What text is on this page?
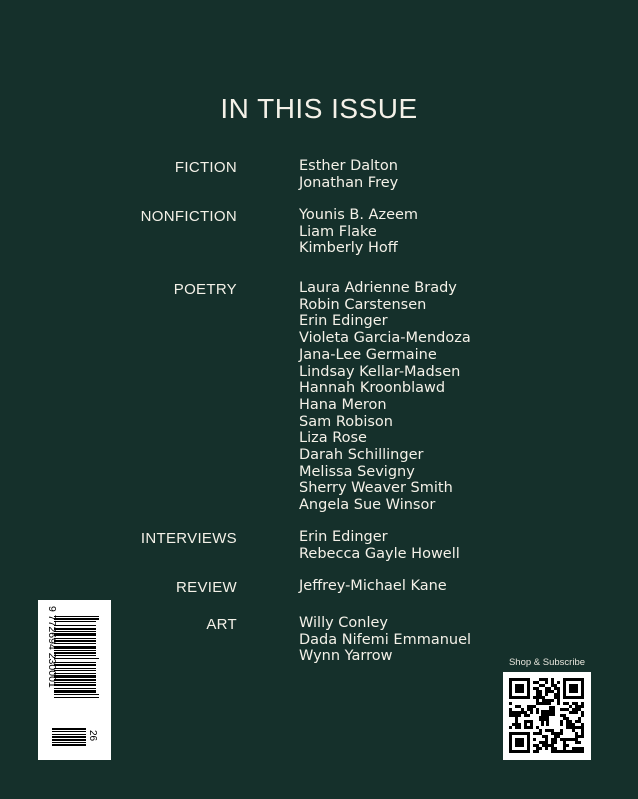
IN THIS ISSUE
FICTION	Esther Dalton
Jonathan Frey
NONFICTION	Younis B. Azeem
Liam Flake
Kimberly Hoff
POETRY	Laura Adrienne Brady
Robin Carstensen
Erin Edinger
Violeta Garcia-Mendoza
Jana-Lee Germaine
Lindsay Kellar-Madsen
Hannah Kroonblawd
Hana Meron
Sam Robison
Liza Rose
Darah Schillinger
Melissa Sevigny
Sherry Weaver Smith
Angela Sue Winsor
INTERVIEWS	Erin Edinger
Rebecca Gayle Howell
REVIEW	Jeffrey-Michael Kane
ART	Willy Conley
Dada Nifemi Emmanuel
Wynn Yarrow
9 772694 230001
26
Shop & Subscribe
